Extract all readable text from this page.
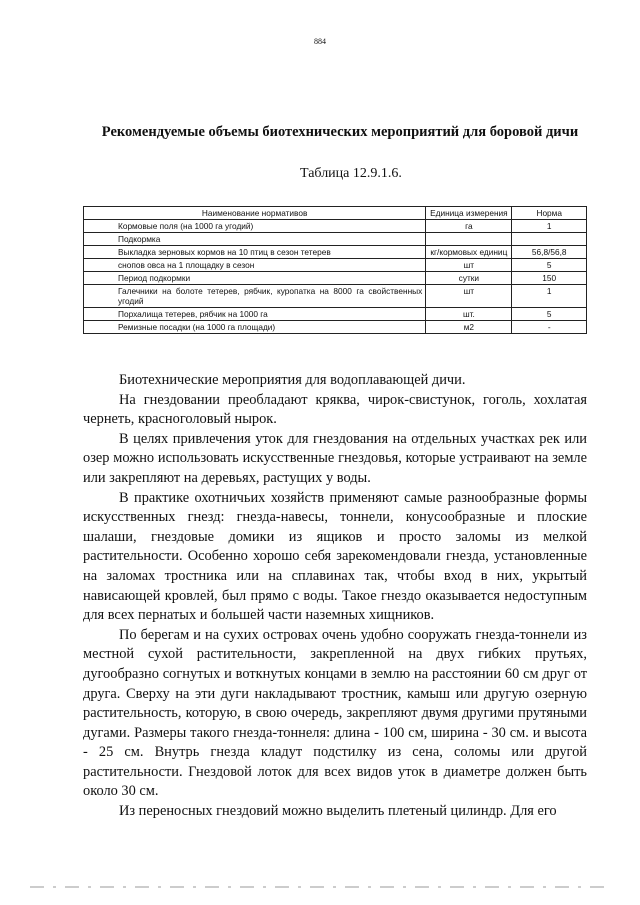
884
Рекомендуемые объемы биотехнических мероприятий для боровой дичи
Таблица 12.9.1.6.
Наименование нормативов	Единица измерения	Норма
Кормовые поля (на 1000 га угодий)	га	1
Подкормка		
Выкладка зерновых кормов на 10 птиц в сезон тетерев	кг/кормовых единиц	56,8/56,8
снопов овса на 1 площадку в сезон	шт	5
Период подкормки	сутки	150
Галечники на болоте тетерев, рябчик, куропатка на 8000 га свойственных угодий	шт	1
Порхалища тетерев, рябчик на 1000 га	шт.	5
Ремизные посадки (на 1000 га площади)	м2	-

Биотехнические мероприятия для водоплавающей дичи.

На гнездовании преобладают кряква, чирок-свистунок, гоголь, хохлатая чернеть, красноголовый нырок.

В целях привлечения уток для гнездования на отдельных участках рек или озер можно использовать искусственные гнездовья, которые устраивают на земле или закрепляют на деревьях, растущих у воды.

В практике охотничьих хозяйств применяют самые разнообразные формы искусственных гнезд: гнезда-навесы, тоннели, конусообразные и плоские шалаши, гнездовые домики из ящиков и просто заломы из мелкой растительности. Особенно хорошо себя зарекомендовали гнезда, установленные на заломах тростника или на сплавинах так, чтобы вход в них, укрытый нависающей кровлей, был прямо с воды. Такое гнездо оказывается недоступным для всех пернатых и большей части наземных хищников.

По берегам и на сухих островах очень удобно сооружать гнезда-тоннели из местной сухой растительности, закрепленной на двух гибких прутьях, дугообразно согнутых и воткнутых концами в землю на расстоянии 60 см друг от друга. Сверху на эти дуги накладывают тростник, камыш или другую озерную растительность, которую, в свою очередь, закрепляют двумя другими прутяными дугами. Размеры такого гнезда-тоннеля: длина - 100 см, ширина - 30 см. и высота - 25 см. Внутрь гнезда кладут подстилку из сена, соломы или другой растительности. Гнездовой лоток для всех видов уток в диаметре должен быть около 30 см.

Из переносных гнездовий можно выделить плетеный цилиндр. Для его
